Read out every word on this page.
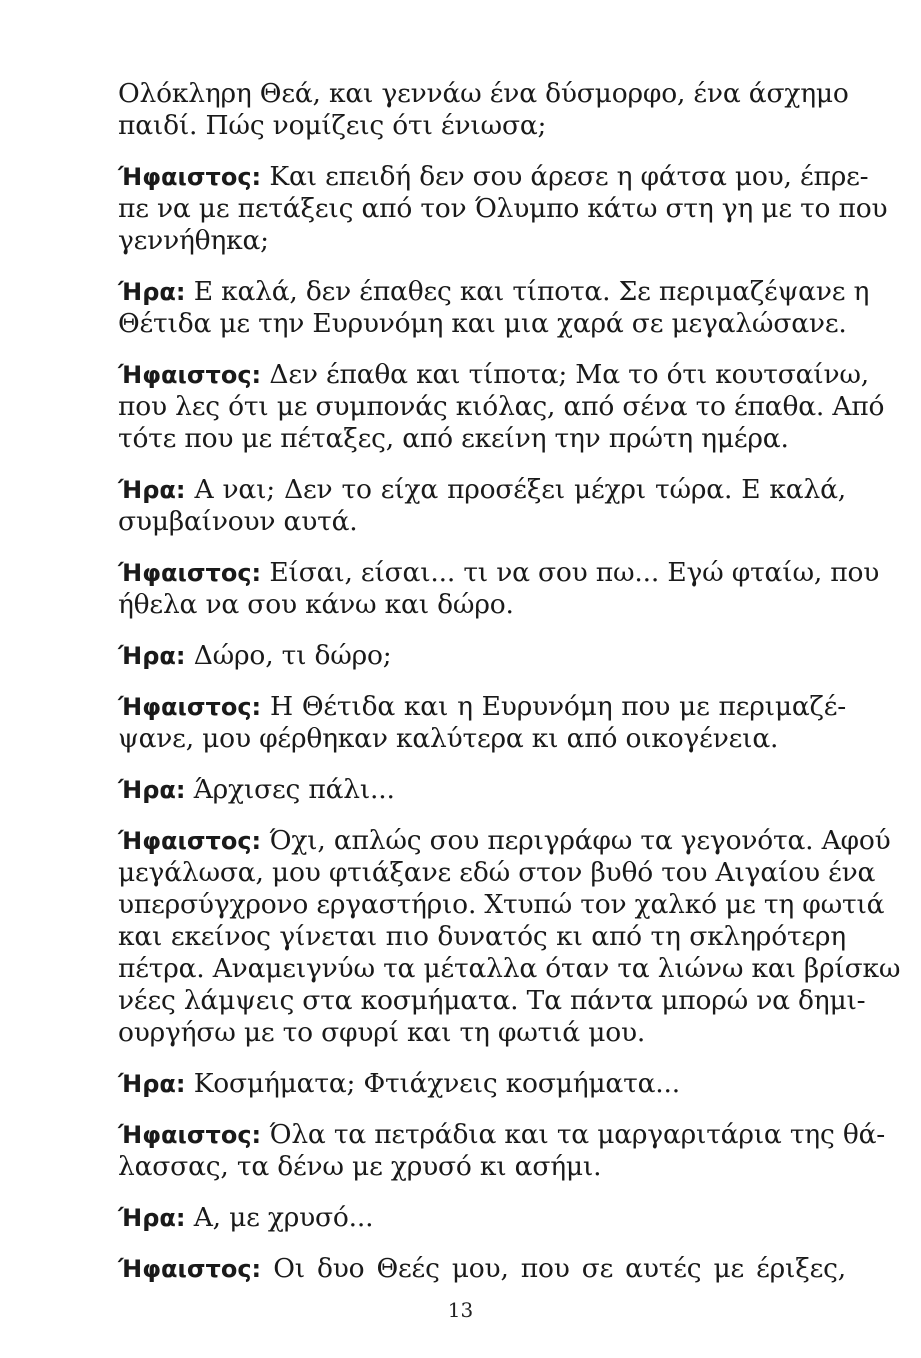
Ολόκληρη Θεά, και γεννάω ένα δύσμορφο, ένα άσχημο
παιδί. Πώς νομίζεις ότι ένιωσα;
Ήφαιστος: Και επειδή δεν σου άρεσε η φάτσα μου, έπρε-
πε να με πετάξεις από τον Όλυμπο κάτω στη γη με το που
γεννήθηκα;
Ήρα: Ε καλά, δεν έπαθες και τίποτα. Σε περιμαζέψανε η
Θέτιδα με την Ευρυνόμη και μια χαρά σε μεγαλώσανε.
Ήφαιστος: Δεν έπαθα και τίποτα; Μα το ότι κουτσαίνω,
που λες ότι με συμπονάς κιόλας, από σένα το έπαθα. Από
τότε που με πέταξες, από εκείνη την πρώτη ημέρα.
Ήρα: Α ναι; Δεν το είχα προσέξει μέχρι τώρα. Ε καλά,
συμβαίνουν αυτά.
Ήφαιστος: Είσαι, είσαι... τι να σου πω... Εγώ φταίω, που
ήθελα να σου κάνω και δώρο.
Ήρα: Δώρο, τι δώρο;
Ήφαιστος: Η Θέτιδα και η Ευρυνόμη που με περιμαζέ-
ψανε, μου φέρθηκαν καλύτερα κι από οικογένεια.
Ήρα: Άρχισες πάλι...
Ήφαιστος: Όχι, απλώς σου περιγράφω τα γεγονότα. Αφού
μεγάλωσα, μου φτιάξανε εδώ στον βυθό του Αιγαίου ένα
υπερσύγχρονο εργαστήριο. Χτυπώ τον χαλκό με τη φωτιά
και εκείνος γίνεται πιο δυνατός κι από τη σκληρότερη
πέτρα. Αναμειγνύω τα μέταλλα όταν τα λιώνω και βρίσκω
νέες λάμψεις στα κοσμήματα. Τα πάντα μπορώ να δημι-
ουργήσω με το σφυρί και τη φωτιά μου.
Ήρα: Κοσμήματα; Φτιάχνεις κοσμήματα...
Ήφαιστος: Όλα τα πετράδια και τα μαργαριτάρια της θά-
λασσας, τα δένω με χρυσό κι ασήμι.
Ήρα: Α, με χρυσό...
Ήφαιστος: Οι δυο Θεές μου, που σε αυτές με έριξες,
13
